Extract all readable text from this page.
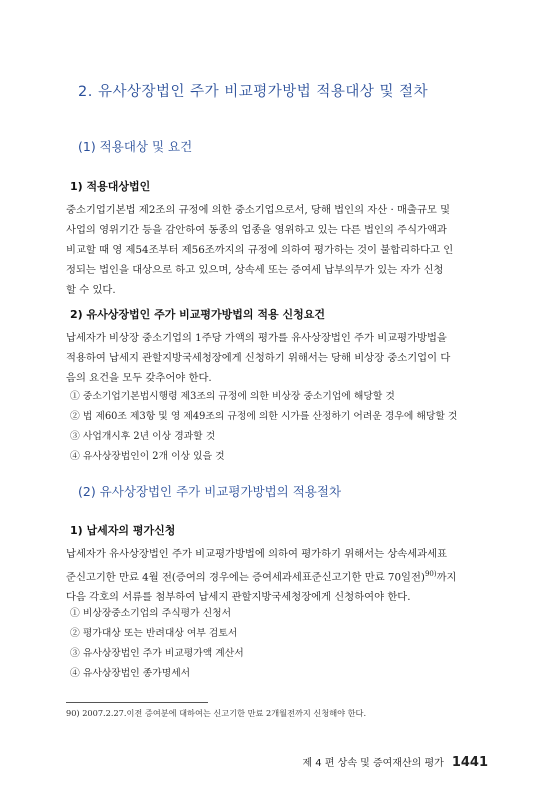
2. 유사상장법인 주가 비교평가방법 적용대상 및 절차
(1) 적용대상 및 요건
1) 적용대상법인
중소기업기본법 제2조의 규정에 의한 중소기업으로서, 당해 법인의 자산 · 매출규모 및
사업의 영위기간 등을 감안하여 동종의 업종을 영위하고 있는 다른 법인의 주식가액과
비교할 때 영 제54조부터 제56조까지의 규정에 의하여 평가하는 것이 불합리하다고 인
정되는 법인을 대상으로 하고 있으며, 상속세 또는 증여세 납부의무가 있는 자가 신청
할 수 있다.
2) 유사상장법인 주가 비교평가방법의 적용 신청요건
납세자가 비상장 중소기업의 1주당 가액의 평가를 유사상장법인 주가 비교평가방법을
적용하여 납세지 관할지방국세청장에게 신청하기 위해서는 당해 비상장 중소기업이 다
음의 요건을 모두 갖추어야 한다.
① 중소기업기본법시행령 제3조의 규정에 의한 비상장 중소기업에 해당할 것
② 법 제60조 제3항 및 영 제49조의 규정에 의한 시가를 산정하기 어려운 경우에 해당할 것
③ 사업개시후 2년 이상 경과할 것
④ 유사상장법인이 2개 이상 있을 것
(2) 유사상장법인 주가 비교평가방법의 적용절차
1) 납세자의 평가신청
납세자가 유사상장법인 주가 비교평가방법에 의하여 평가하기 위해서는 상속세과세표
준신고기한 만료 4월 전(증여의 경우에는 증여세과세표준신고기한 만료 70일전)$^{90)}$까지
다음 각호의 서류를 첨부하여 납세지 관할지방국세청장에게 신청하여야 한다.
① 비상장중소기업의 주식평가 신청서
② 평가대상 또는 반려대상 여부 검토서
③ 유사상장법인 주가 비교평가액 계산서
④ 유사상장법인 종가명세서
90) 2007.2.27.이전 증여분에 대하여는 신고기한 만료 2개월전까지 신청해야 한다.
제 4 편 상속 및 증여재산의 평가 1441
